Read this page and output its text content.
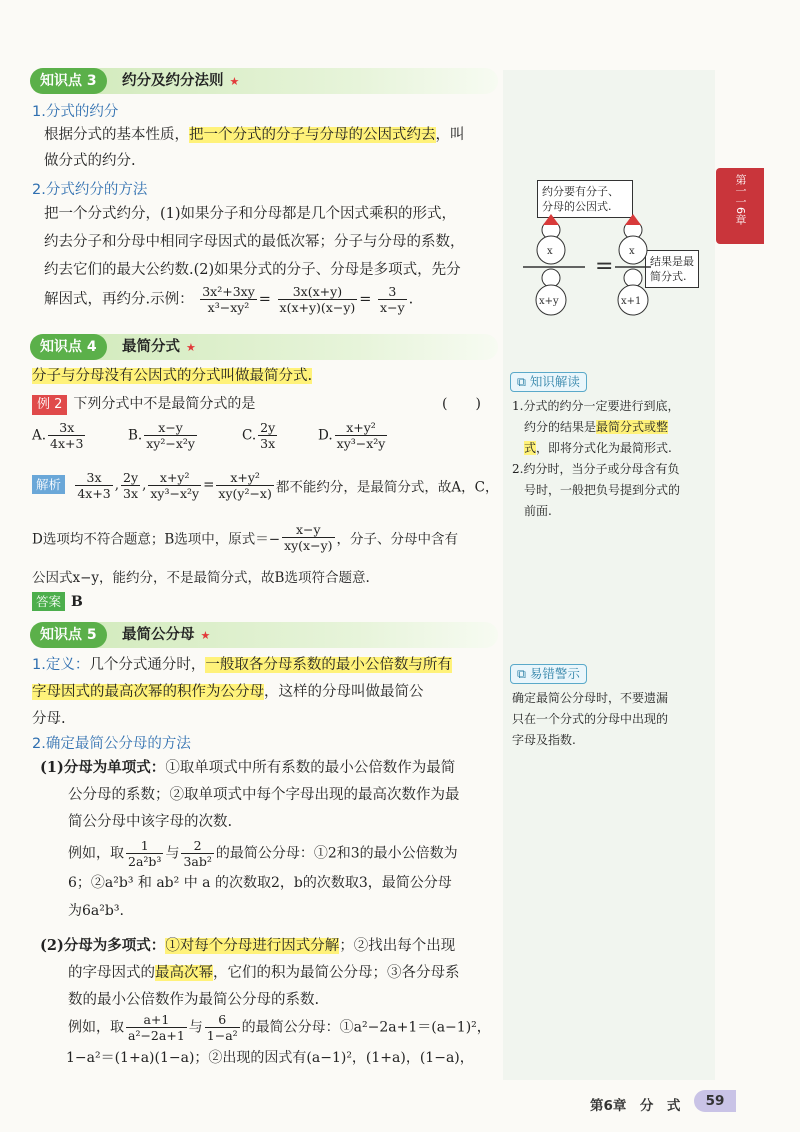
第一一6章
知识点 3	约分及约分法则 ★
1.分式的约分
根据分式的基本性质，把一个分式的分子与分母的公因式约去，叫
做分式的约分.
2.分式约分的方法
把一个分式约分，(1)如果分子和分母都是几个因式乘积的形式，
约去分子和分母中相同字母因式的最低次幂；分子与分母的系数，
约去它们的最大公约数.(2)如果分式的分子、分母是多项式，先分
解因式，再约分.示例： $\frac{\text{3x²+3xy}}{\text{x³−xy²}} = \frac{3x(x+y)}{x(x+y)(x-y)} = \frac{3}{x-y}$ .
知识点 4	最简分式 ★
分子与分母没有公因式的分式叫做最简分式.
例 2 下列分式中不是最简分式的是	(　　)
A. $\frac{3x}{4x+3}$	B. $\frac{x-y}{\text{xy²−x²y}}$	C. $\frac{2y}{3x}$	D. $\frac{\text{x+y²}}{\text{xy³−x²y}}$
解析 $\frac{3x}{4x+3}$ , $\frac{2y}{3x}$ , $\frac{\text{x+y²}}{\text{xy³−x²y}} = \frac{\text{x+y²}}{\text{xy(y²−x)}}$ 都不能约分，是最简分式，故A，C，
D选项均不符合题意；B选项中，原式＝− $\frac{x-y}{xy(x-y)}$ ，分子、分母中含有
公因式x−y，能约分，不是最简分式，故B选项符合题意.
答案 B
知识点 5	最简公分母 ★
1.定义：几个分式通分时，一般取各分母系数的最小公倍数与所有
字母因式的最高次幂的积作为公分母，这样的分母叫做最简公
分母.
2.确定最简公分母的方法
(1)分母为单项式：①取单项式中所有系数的最小公倍数作为最简
公分母的系数；②取单项式中每个字母出现的最高次数作为最
简公分母中该字母的次数.
例如，取 $\frac{1}{\text{2a²b³}}$ 与 $\frac{2}{\text{3ab²}}$ 的最简公分母：①2和3的最小公倍数为
6；②a²b³ 和 ab² 中 a 的次数取2，b的次数取3，最简公分母
为6a²b³.
(2)分母为多项式：①对每个分母进行因式分解；②找出每个出现
的字母因式的最高次幂，它们的积为最简公分母；③各分母系
数的最小公倍数作为最简公分母的系数.
例如，取 $\frac{a+1}{\text{a²−2a+1}}$ 与 $\frac{6}{\text{1−a²}}$ 的最简公分母：①a²−2a+1＝(a−1)²，
1−a²＝(1+a)(1−a)；②出现的因式有(a−1)²，(1+a)，(1−a)，
约分要有分子、分母的公因式.
结果是最简分式.
=
x
x+y
x
x+1
⧉ 知识解读
1.分式的约分一定要进行到底，
约分的结果是最简分式或整
式，即将分式化为最简形式.
2.约分时，当分子或分母含有负
号时，一般把负号提到分式的
前面.
⧉ 易错警示
确定最简公分母时，不要遗漏
只在一个分式的分母中出现的
字母及指数.
第6章　分　式	59
